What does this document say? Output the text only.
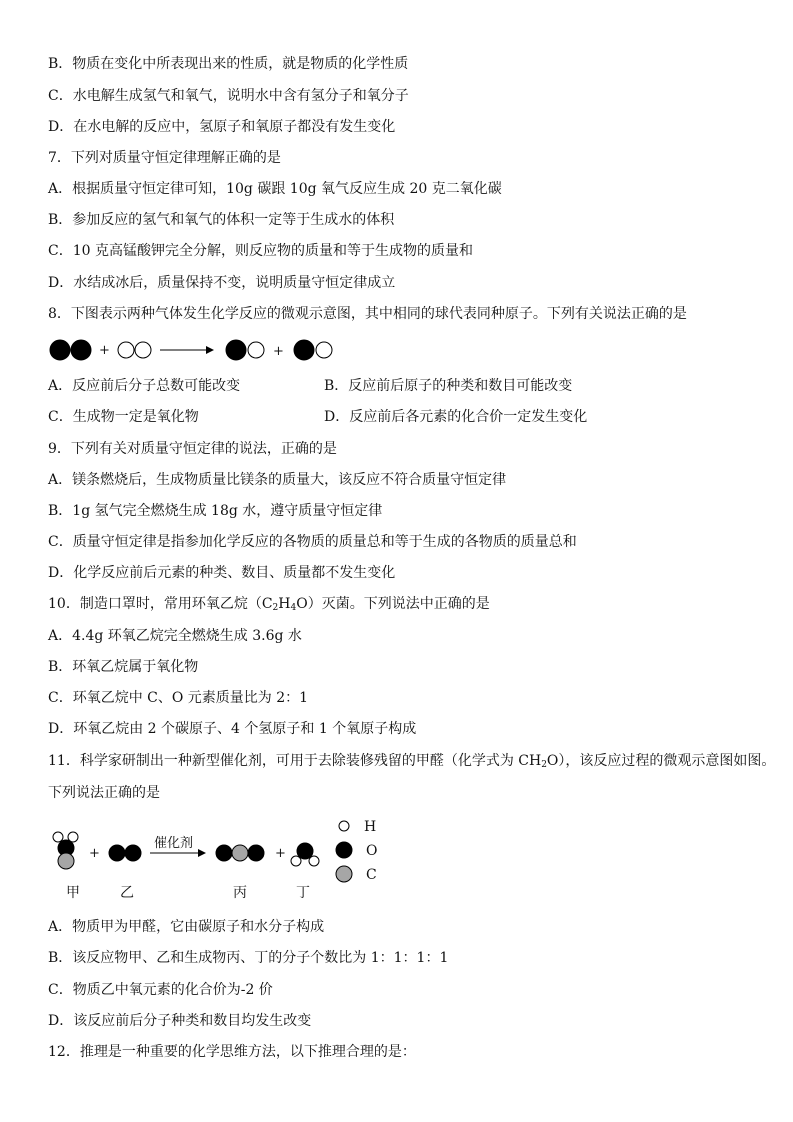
B．物质在变化中所表现出来的性质，就是物质的化学性质
C．水电解生成氢气和氧气，说明水中含有氢分子和氧分子
D．在水电解的反应中，氢原子和氧原子都没有发生变化
7．下列对质量守恒定律理解正确的是
A．根据质量守恒定律可知，10g 碳跟 10g 氧气反应生成 20 克二氧化碳
B．参加反应的氢气和氧气的体积一定等于生成水的体积
C．10 克高锰酸钾完全分解，则反应物的质量和等于生成物的质量和
D．水结成冰后，质量保持不变，说明质量守恒定律成立
8．下图表示两种气体发生化学反应的微观示意图，其中相同的球代表同种原子。下列有关说法正确的是
+	+
A．反应前后分子总数可能改变	B．反应前后原子的种类和数目可能改变
C．生成物一定是氧化物	D．反应前后各元素的化合价一定发生变化
9．下列有关对质量守恒定律的说法，正确的是
A．镁条燃烧后，生成物质量比镁条的质量大，该反应不符合质量守恒定律
B．1g 氢气完全燃烧生成 18g 水，遵守质量守恒定律
C．质量守恒定律是指参加化学反应的各物质的质量总和等于生成的各物质的质量总和
D．化学反应前后元素的种类、数目、质量都不发生变化
10．制造口罩时，常用环氧乙烷$(C_2H_4O)$灭菌。下列说法中正确的是
A．4.4g 环氧乙烷完全燃烧生成 3.6g 水
B．环氧乙烷属于氧化物
C．环氧乙烷中 C、O 元素质量比为 2：1
D．环氧乙烷由 2 个碳原子、4 个氢原子和 1 个氧原子构成
11．科学家研制出一种新型催化剂，可用于去除装修残留的甲醛（化学式为 $CH_2O$），该反应过程的微观示意图如图。
下列说法正确的是
催化剂
+	+
H
O
C
甲	乙	丙	丁
A．物质甲为甲醛，它由碳原子和水分子构成
B．该反应物甲、乙和生成物丙、丁的分子个数比为 1：1：1：1
C．物质乙中氧元素的化合价为-2 价
D．该反应前后分子种类和数目均发生改变
12．推理是一种重要的化学思维方法，以下推理合理的是：
